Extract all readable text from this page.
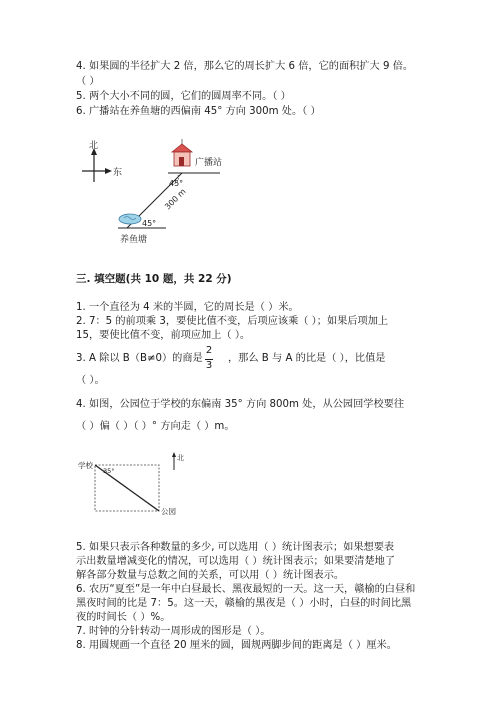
4. 如果圆的半径扩大 2 倍，那么它的周长扩大 6 倍，它的面积扩大 9 倍。
（ ）
5. 两个大小不同的圆，它们的圆周率不同。（ ）
6. 广播站在养鱼塘的西偏南 45° 方向 300m 处。（ ）
北
东
广播站
45°
300 m
45°
养鱼塘
三. 填空题(共 10 题，共 22 分)
1. 一个直径为 4 米的半圆，它的周长是（ ）米。
2. 7：5 的前项乘 3，要使比值不变，后项应该乘（ ）；如果后项加上
15，要使比值不变，前项应加上（ ）。
3. A 除以 B（B≠0）的商是
2
3
，那么 B 与 A 的比是（ ），比值是
（ ）。
4. 如图，公园位于学校的东偏南 35° 方向 800m 处，从公园回学校要往
（ ）偏（ ）（ ）° 方向走（ ）m。
学校
35°
公园
北
5. 如果只表示各种数量的多少, 可以选用（ ）统计图表示；如果想要表
示出数量增减变化的情况，可以选用（ ）统计图表示；如果要清楚地了
解各部分数量与总数之间的关系，可以用（ ）统计图表示。
6. 农历“夏至”是一年中白昼最长、黑夜最短的一天。这一天，赣榆的白昼和
黑夜时间的比是 7：5。这一天，赣榆的黑夜是（ ）小时，白昼的时间比黑
夜的时间长（ ）%。
7. 时钟的分针转动一周形成的图形是（ ）。
8. 用圆规画一个直径 20 厘米的圆，圆规两脚步间的距离是（ ）厘米。
